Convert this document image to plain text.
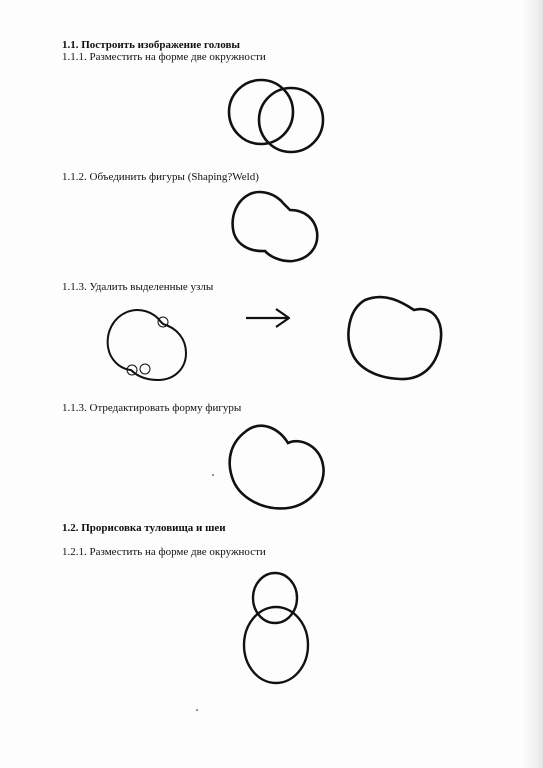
1.1. Построить изображение головы
1.1.1. Разместить на форме две окружности
1.1.2. Объединить фигуры (Shaping?Weld)
1.1.3. Удалить выделенные узлы
1.1.3. Отредактировать форму фигуры
1.2. Прорисовка туловища и шеи
1.2.1. Разместить на форме две окружности
